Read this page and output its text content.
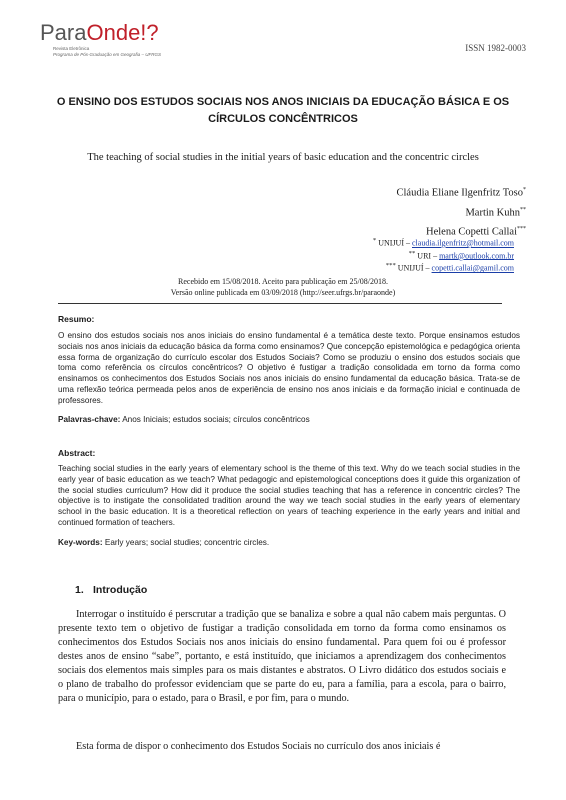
ParaOnde!?
Revista Eletrônica
Programa de Pós-Graduação em Geografia – UFRGS
ISSN 1982-0003
O ENSINO DOS ESTUDOS SOCIAIS NOS ANOS INICIAIS DA EDUCAÇÃO BÁSICA E OS CÍRCULOS CONCÊNTRICOS
The teaching of social studies in the initial years of basic education and the concentric circles
Cláudia Eliane Ilgenfritz Toso*
Martin Kuhn**
Helena Copetti Callai***
* UNIJUÍ – claudia.ilgenfritz@hotmail.com
** URI – martk@outlook.com.br
*** UNIJUÍ – copetti.callai@gamil.com
Recebido em 15/08/2018. Aceito para publicação em 25/08/2018.
Versão online publicada em 03/09/2018 (http://seer.ufrgs.br/paraonde)
Resumo:
O ensino dos estudos sociais nos anos iniciais do ensino fundamental é a temática deste texto. Porque ensinamos estudos sociais nos anos iniciais da educação básica da forma como ensinamos? Que concepção epistemológica e pedagógica orienta essa forma de organização do currículo escolar dos Estudos Sociais? Como se produziu o ensino dos estudos sociais que toma como referência os círculos concêntricos? O objetivo é fustigar a tradição consolidada em torno da forma como ensinamos os conhecimentos dos Estudos Sociais nos anos iniciais do ensino fundamental da educação básica. Trata-se de uma reflexão teórica permeada pelos anos de experiência de ensino nos anos iniciais e da formação inicial e continuada de professores.
Palavras-chave: Anos Iniciais; estudos sociais; círculos concêntricos
Abstract:
Teaching social studies in the early years of elementary school is the theme of this text. Why do we teach social studies in the early year of basic education as we teach? What pedagogic and epistemological conceptions does it guide this organization of the social studies curriculum? How did it produce the social studies teaching that has a reference in concentric circles? The objective is to instigate the consolidated tradition around the way we teach social studies in the early years of elementary school in the basic education. It is a theoretical reflection on years of teaching experience in the early years and initial and continued formation of teachers.
Key-words: Early years; social studies; concentric circles.
1. Introdução

Interrogar o instituído é perscrutar a tradição que se banaliza e sobre a qual não cabem mais perguntas. O presente texto tem o objetivo de fustigar a tradição consolidada em torno da forma como ensinamos os conhecimentos dos Estudos Sociais nos anos iniciais do ensino fundamental. Para quem foi ou é professor destes anos de ensino “sabe”, portanto, e está instituído, que iniciamos a aprendizagem dos conhecimentos sociais dos elementos mais simples para os mais distantes e abstratos. O Livro didático dos estudos sociais e o plano de trabalho do professor evidenciam que se parte do eu, para a família, para a escola, para o bairro, para o município, para o estado, para o Brasil, e por fim, para o mundo.

Esta forma de dispor o conhecimento dos Estudos Sociais no currículo dos anos iniciais é
